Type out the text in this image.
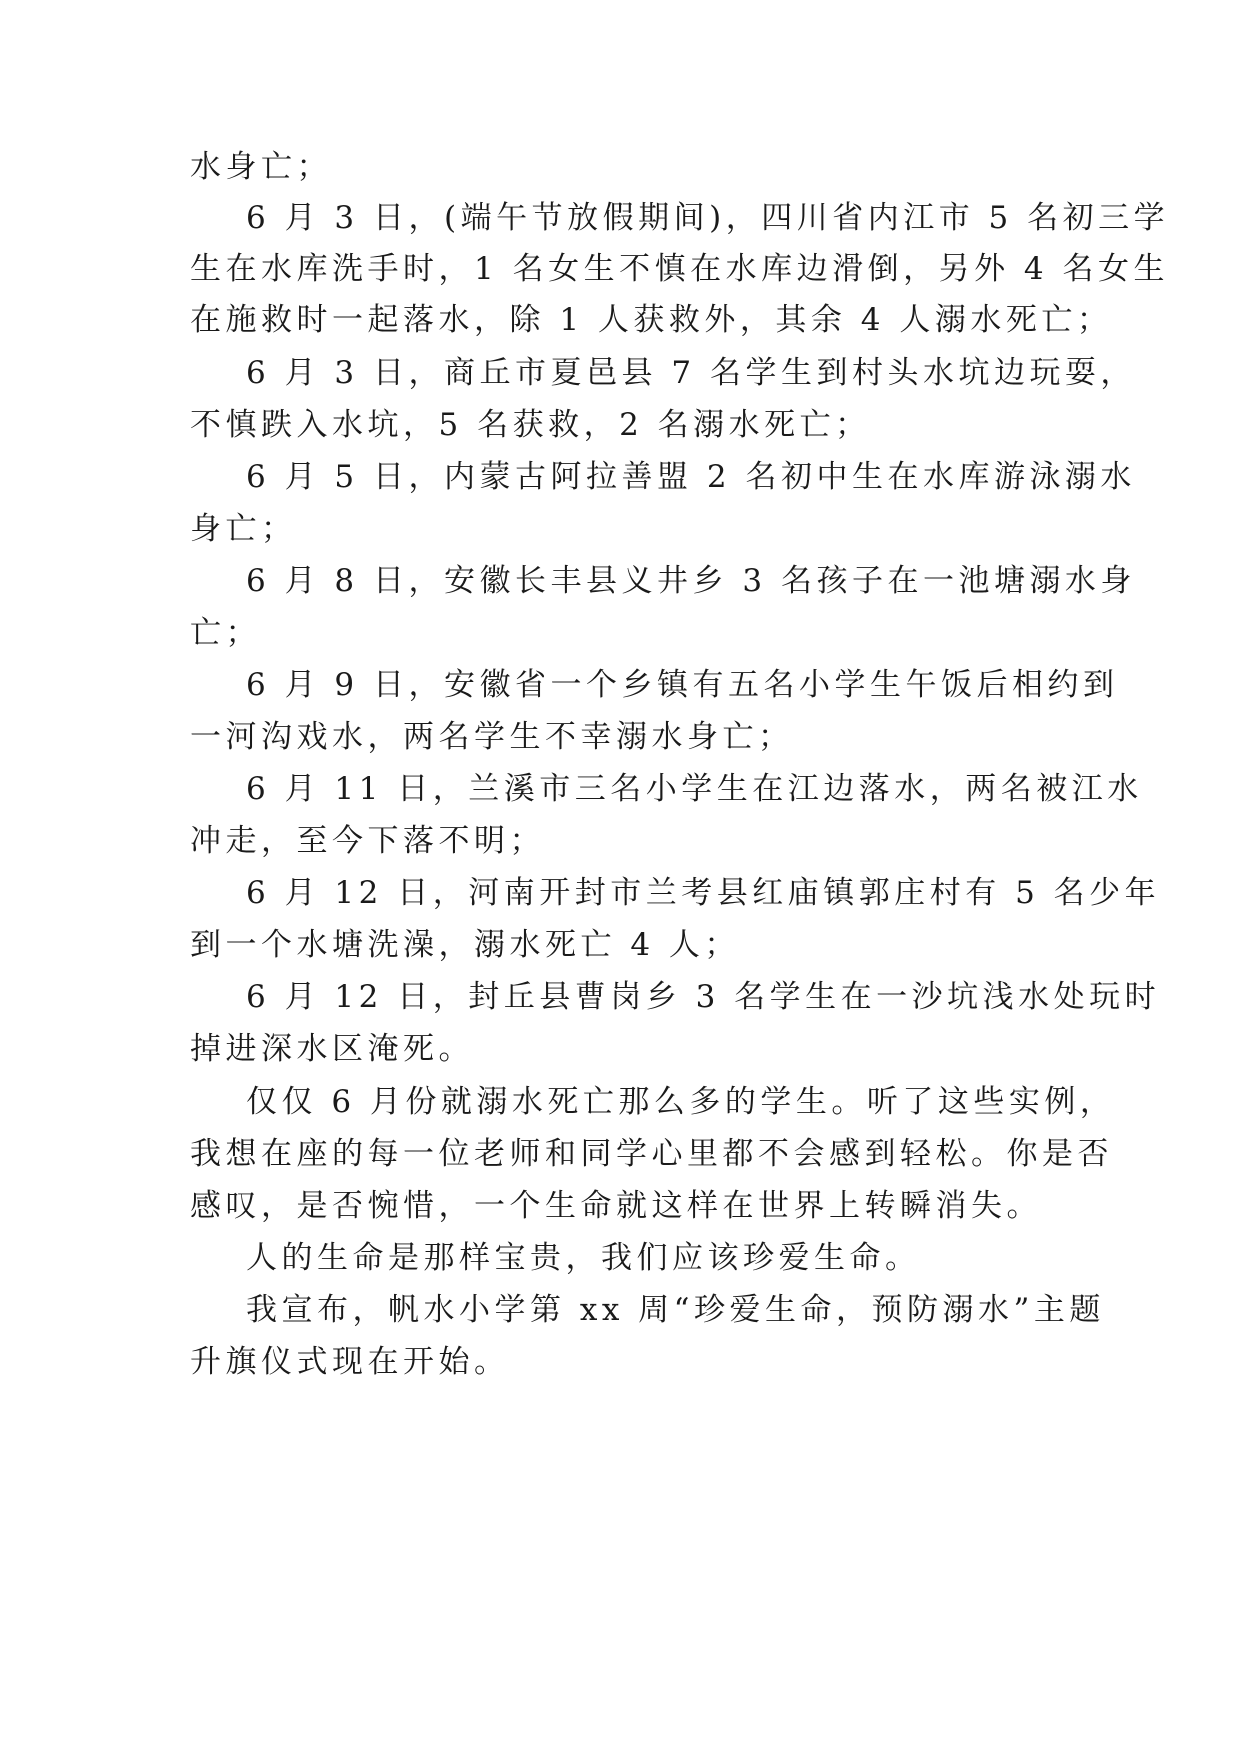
水身亡；

6 月 3 日，(端午节放假期间)，四川省内江市 5 名初三学

生在水库洗手时，1 名女生不慎在水库边滑倒，另外 4 名女生

在施救时一起落水，除 1 人获救外，其余 4 人溺水死亡；

6 月 3 日，商丘市夏邑县 7 名学生到村头水坑边玩耍，

不慎跌入水坑，5 名获救，2 名溺水死亡；

6 月 5 日，内蒙古阿拉善盟 2 名初中生在水库游泳溺水

身亡；

6 月 8 日，安徽长丰县义井乡 3 名孩子在一池塘溺水身

亡；

6 月 9 日，安徽省一个乡镇有五名小学生午饭后相约到

一河沟戏水，两名学生不幸溺水身亡；

6 月 11 日，兰溪市三名小学生在江边落水，两名被江水

冲走，至今下落不明；

6 月 12 日，河南开封市兰考县红庙镇郭庄村有 5 名少年

到一个水塘洗澡，溺水死亡 4 人；

6 月 12 日，封丘县曹岗乡 3 名学生在一沙坑浅水处玩时

掉进深水区淹死。

仅仅 6 月份就溺水死亡那么多的学生。听了这些实例，

我想在座的每一位老师和同学心里都不会感到轻松。你是否

感叹，是否惋惜，一个生命就这样在世界上转瞬消失。

人的生命是那样宝贵，我们应该珍爱生命。

我宣布，帆水小学第 xx 周“珍爱生命，预防溺水”主题

升旗仪式现在开始。
